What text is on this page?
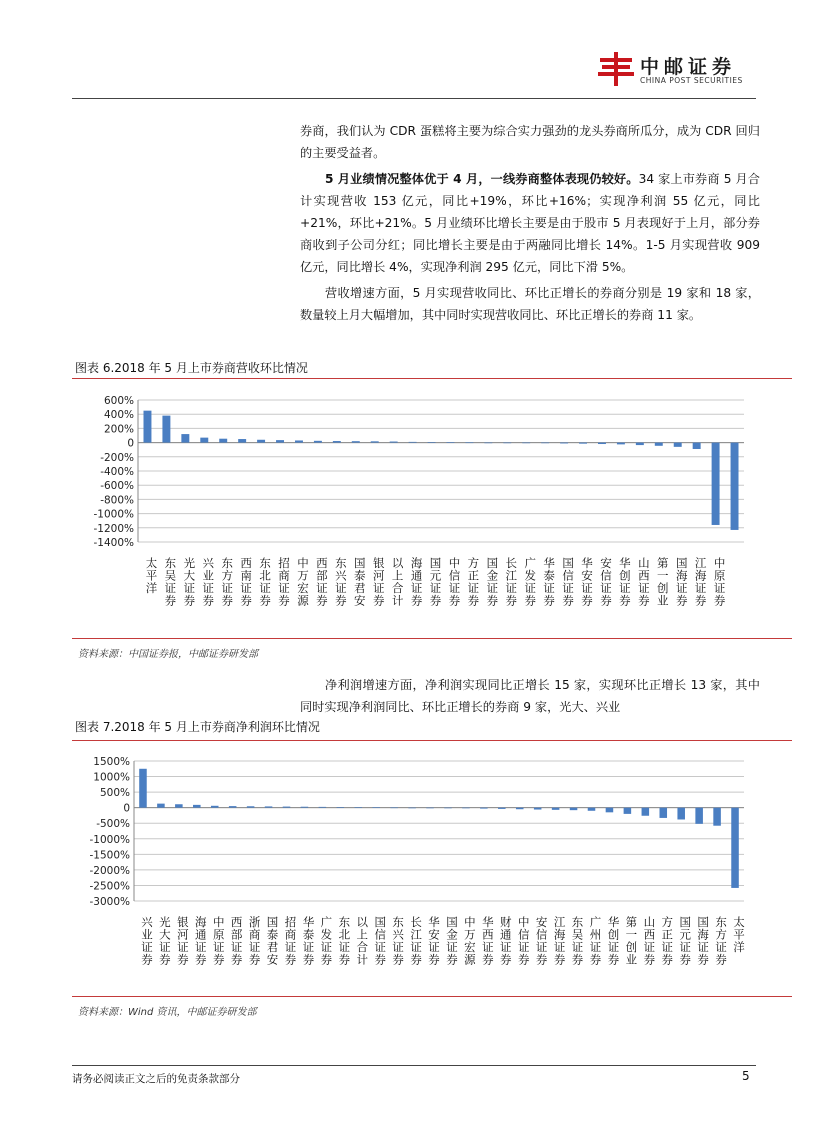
中邮证券
CHINA POST SECURITIES

券商，我们认为 CDR 蛋糕将主要为综合实力强劲的龙头券商所瓜分，成为 CDR 回归的主要受益者。

5 月业绩情况整体优于 4 月，一线券商整体表现仍较好。34 家上市券商 5 月合计实现营收 153 亿元，同比+19%，环比+16%；实现净利润 55 亿元，同比+21%，环比+21%。5 月业绩环比增长主要是由于股市 5 月表现好于上月，部分券商收到子公司分红；同比增长主要是由于两融同比增长 14%。1-5 月实现营收 909 亿元，同比增长 4%，实现净利润 295 亿元，同比下滑 5%。

营收增速方面，5 月实现营收同比、环比正增长的券商分别是 19 家和 18 家，数量较上月大幅增加，其中同时实现营收同比、环比正增长的券商 11 家。

图表 6.2018 年 5 月上市券商营收环比情况
600%
400%
200%
0
-200%
-400%
-600%
-800%
-1000%
-1200%
-1400%
太平洋 东吴证券 光大证券 兴业证券 东方证券 西南证券 东北证券 招商证券 中万宏源 西部证券 东兴证券 国泰君安 银河证券 以上合计 海通证券 国元证券 中信证券 方正证券 国金证券 长江证券 广发证券 华泰证券 国信证券 华安证券 安信证券 华创证券 山西证券 第一创业 国海证券 江海证券 中原证券
资料来源：中国证券报，中邮证券研发部

净利润增速方面，净利润实现同比正增长 15 家，实现环比正增长 13 家，其中同时实现净利润同比、环比正增长的券商 9 家，光大、兴业

图表 7.2018 年 5 月上市券商净利润环比情况
1500%
1000%
500%
0
-500%
-1000%
-1500%
-2000%
-2500%
-3000%
兴业证券 光大证券 银河证券 海通证券 中原证券 西部证券 浙商证券 国泰君安 招商证券 华泰证券 广发证券 东北证券 以上合计 国信证券 东兴证券 长江证券 华安证券 国金证券 中万宏源 华西证券 财通证券 中信证券 安信证券 江海证券 东吴证券 广州证券 华创证券 第一创业 山西证券 方正证券 国元证券 国海证券 东方证券 太平洋
资料来源：Wind 资讯，中邮证券研发部
请务必阅读正文之后的免责条款部分	5
